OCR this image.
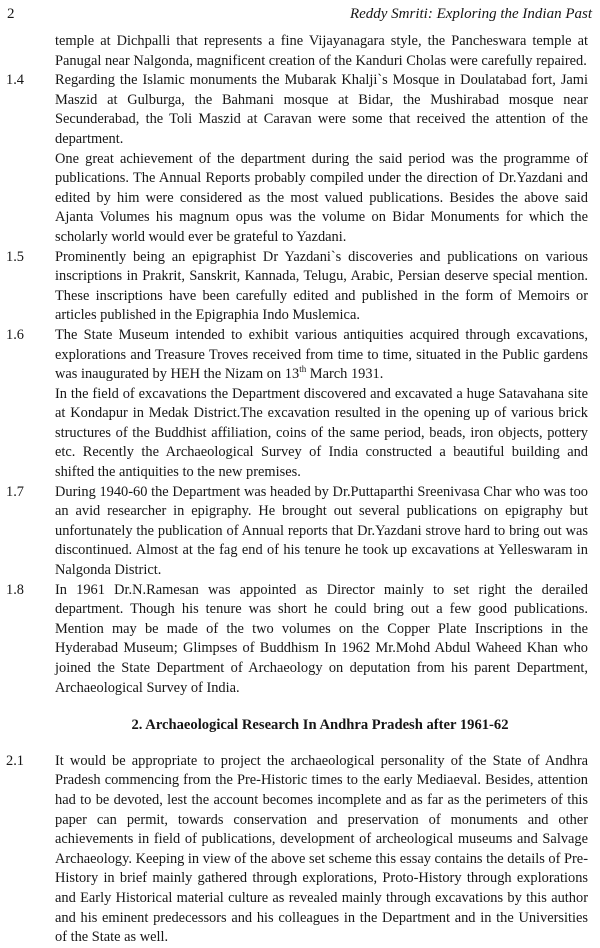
2	Reddy Smriti: Exploring the Indian Past

temple at Dichpalli that represents a fine Vijayanagara style, the Pancheswara temple at Panugal near Nalgonda, magnificent creation of the Kanduri Cholas were carefully repaired.

1.4 Regarding the Islamic monuments the Mubarak Khalji`s Mosque in Doulatabad fort, Jami Maszid at Gulburga, the Bahmani mosque at Bidar, the Mushirabad mosque near Secunderabad, the Toli Maszid at Caravan were some that received the attention of the department.

One great achievement of the department during the said period was the programme of publications. The Annual Reports probably compiled under the direction of Dr.Yazdani and edited by him were considered as the most valued publications. Besides the above said Ajanta Volumes his magnum opus was the volume on Bidar Monuments for which the scholarly world would ever be grateful to Yazdani.

1.5 Prominently being an epigraphist Dr Yazdani`s discoveries and publications on various inscriptions in Prakrit, Sanskrit, Kannada, Telugu, Arabic, Persian deserve special mention. These inscriptions have been carefully edited and published in the form of Memoirs or articles published in the Epigraphia Indo Muslemica.

1.6 The State Museum intended to exhibit various antiquities acquired through excavations, explorations and Treasure Troves received from time to time, situated in the Public gardens was inaugurated by HEH the Nizam on 13th March 1931.

In the field of excavations the Department discovered and excavated a huge Satavahana site at Kondapur in Medak District.The excavation resulted in the opening up of various brick structures of the Buddhist affiliation, coins of the same period, beads, iron objects, pottery etc. Recently the Archaeological Survey of India constructed a beautiful building and shifted the antiquities to the new premises.

1.7 During 1940-60 the Department was headed by Dr.Puttaparthi Sreenivasa Char who was too an avid researcher in epigraphy. He brought out several publications on epigraphy but unfortunately the publication of Annual reports that Dr.Yazdani strove hard to bring out was discontinued. Almost at the fag end of his tenure he took up excavations at Yelleswaram in Nalgonda District.

1.8 In 1961 Dr.N.Ramesan was appointed as Director mainly to set right the derailed department. Though his tenure was short he could bring out a few good publications. Mention may be made of the two volumes on the Copper Plate Inscriptions in the Hyderabad Museum; Glimpses of Buddhism In 1962 Mr.Mohd Abdul Waheed Khan who joined the State Department of Archaeology on deputation from his parent Department, Archaeological Survey of India.

2. Archaeological Research In Andhra Pradesh after 1961-62
2.1 It would be appropriate to project the archaeological personality of the State of Andhra Pradesh commencing from the Pre-Historic times to the early Mediaeval. Besides, attention had to be devoted, lest the account becomes incomplete and as far as the perimeters of this paper can permit, towards conservation and preservation of monuments and other achievements in field of publications, development of archeological museums and Salvage Archaeology. Keeping in view of the above set scheme this essay contains the details of Pre-History in brief mainly gathered through explorations, Proto-History through explorations and Early Historical material culture as revealed mainly through excavations by this author and his eminent predecessors and his colleagues in the Department and in the Universities of the State as well.
